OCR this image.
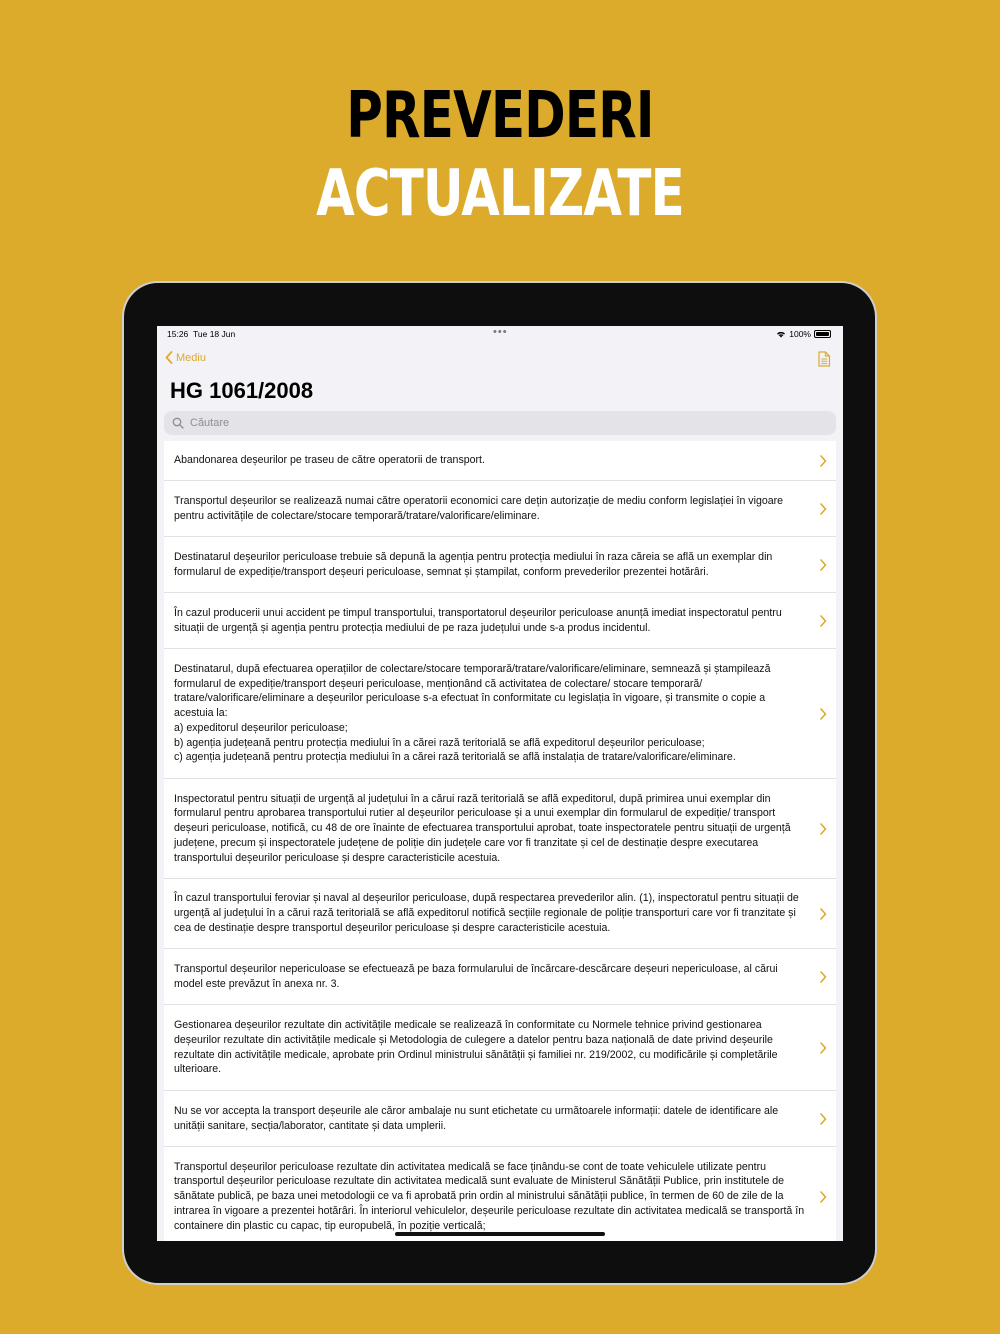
PREVEDERI
ACTUALIZATE
15:26 Tue 18 Jun	•••	100%
Mediu
HG 1061/2008
Căutare
Abandonarea deșeurilor pe traseu de către operatorii de transport.
Transportul deșeurilor se realizează numai către operatorii economici care dețin autorizație de mediu conform legislației în vigoare pentru activitățile de colectare/stocare temporară/tratare/valorificare/eliminare.
Destinatarul deșeurilor periculoase trebuie să depună la agenția pentru protecția mediului în raza căreia se află un exemplar din formularul de expediție/transport deșeuri periculoase, semnat și ștampilat, conform prevederilor prezentei hotărâri.
În cazul producerii unui accident pe timpul transportului, transportatorul deșeurilor periculoase anunță imediat inspectoratul pentru situații de urgență și agenția pentru protecția mediului de pe raza județului unde s-a produs incidentul.
Destinatarul, după efectuarea operațiilor de colectare/stocare temporară/tratare/valorificare/eliminare, semnează și ștampilează formularul de expediție/transport deșeuri periculoase, menționând că activitatea de colectare/ stocare temporară/ tratare/valorificare/eliminare a deșeurilor periculoase s-a efectuat în conformitate cu legislația în vigoare, și transmite o copie a acestuia la:
a) expeditorul deșeurilor periculoase;
b) agenția județeană pentru protecția mediului în a cărei rază teritorială se află expeditorul deșeurilor periculoase;
c) agenția județeană pentru protecția mediului în a cărei rază teritorială se află instalația de tratare/valorificare/eliminare.
Inspectoratul pentru situații de urgență al județului în a cărui rază teritorială se află expeditorul, după primirea unui exemplar din formularul pentru aprobarea transportului rutier al deșeurilor periculoase și a unui exemplar din formularul de expediție/ transport deșeuri periculoase, notifică, cu 48 de ore înainte de efectuarea transportului aprobat, toate inspectoratele pentru situații de urgență județene, precum și inspectoratele județene de poliție din județele care vor fi tranzitate și cel de destinație despre executarea transportului deșeurilor periculoase și despre caracteristicile acestuia.
În cazul transportului feroviar și naval al deșeurilor periculoase, după respectarea prevederilor alin. (1), inspectoratul pentru situații de urgență al județului în a cărui rază teritorială se află expeditorul notifică secțiile regionale de poliție transporturi care vor fi tranzitate și cea de destinație despre transportul deșeurilor periculoase și despre caracteristicile acestuia.
Transportul deșeurilor nepericuloase se efectuează pe baza formularului de încărcare-descărcare deșeuri nepericuloase, al cărui model este prevăzut în anexa nr. 3.
Gestionarea deșeurilor rezultate din activitățile medicale se realizează în conformitate cu Normele tehnice privind gestionarea deșeurilor rezultate din activitățile medicale și Metodologia de culegere a datelor pentru baza națională de date privind deșeurile rezultate din activitățile medicale, aprobate prin Ordinul ministrului sănătății și familiei nr. 219/2002, cu modificările și completările ulterioare.
Nu se vor accepta la transport deșeurile ale căror ambalaje nu sunt etichetate cu următoarele informații: datele de identificare ale unității sanitare, secția/laborator, cantitate și data umplerii.
Transportul deșeurilor periculoase rezultate din activitatea medicală se face ținându-se cont de toate vehiculele utilizate pentru transportul deșeurilor periculoase rezultate din activitatea medicală sunt evaluate de Ministerul Sănătății Publice, prin institutele de sănătate publică, pe baza unei metodologii ce va fi aprobată prin ordin al ministrului sănătății publice, în termen de 60 de zile de la intrarea în vigoare a prezentei hotărâri. În interiorul vehiculelor, deșeurile periculoase rezultate din activitatea medicală se transportă în containere din plastic cu capac, tip europubelă, în poziție verticală;
